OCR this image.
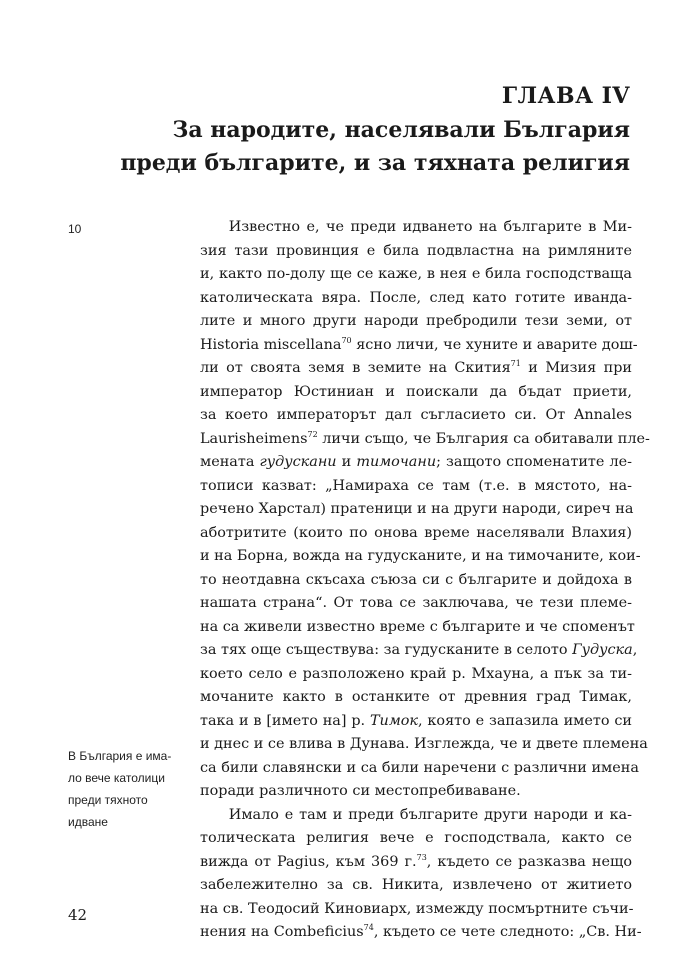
ГЛАВА IV
За народите, населявали България
преди българите, и за тяхната религия
10
В България е има-
ло вече католици
преди тяхното
идване
  Известно е, че преди идването на българите в Ми-
зия тази провинция е била подвластна на римляните
и, както по-долу ще се каже, в нея е била господстваща
католическата вяра. После, след като готите иванда-
лите и много други народи пребродили тези земи, от
Historia miscellana$^{70}$ ясно личи, че хуните и аварите дош-
ли от своята земя в земите на Скития$^{71}$ и Мизия при
император Юстиниан и поискали да бъдат приети,
за което императорът дал съгласието си. От Annales
Laurisheimens$^{72}$ личи също, че България са обитавали пле-
мената гудускани и тимочани; защото споменатите ле-
тописи казват: „Намираха се там (т.е. в мястото, на-
речено Харстал) пратеници и на други народи, сиреч на
аботритите (които по онова време населявали Влахия)
и на Борна, вожда на гудусканите, и на тимочаните, кои-
то неотдавна скъсаха съюза си с българите и дойдоха в
нашата страна“. От това се заключава, че тези племе-
на са живели известно време с българите и че споменът
за тях още съществува: за гудусканите в селото Гудуска,
което село е разположено край р. Мхауна, а пък за ти-
мочаните както в останките от древния град Тимак,
така и в [името на] р. Тимок, която е запазила името си
и днес и се влива в Дунава. Изглежда, че и двете племена
са били славянски и са били наречени с различни имена
поради различното си местопребиваване.
  Имало е там и преди българите други народи и ка-
толическата религия вече е господствала, както се
вижда от Pagius, към 369 г.$^{73}$, където се разказва нещо
забележително за св. Никита, извлечено от житието
на св. Теодосий Киновиарх, измежду посмъртните съчи-
нения на Combeficius$^{74}$, където се чете следното: „Св. Ни-
42
